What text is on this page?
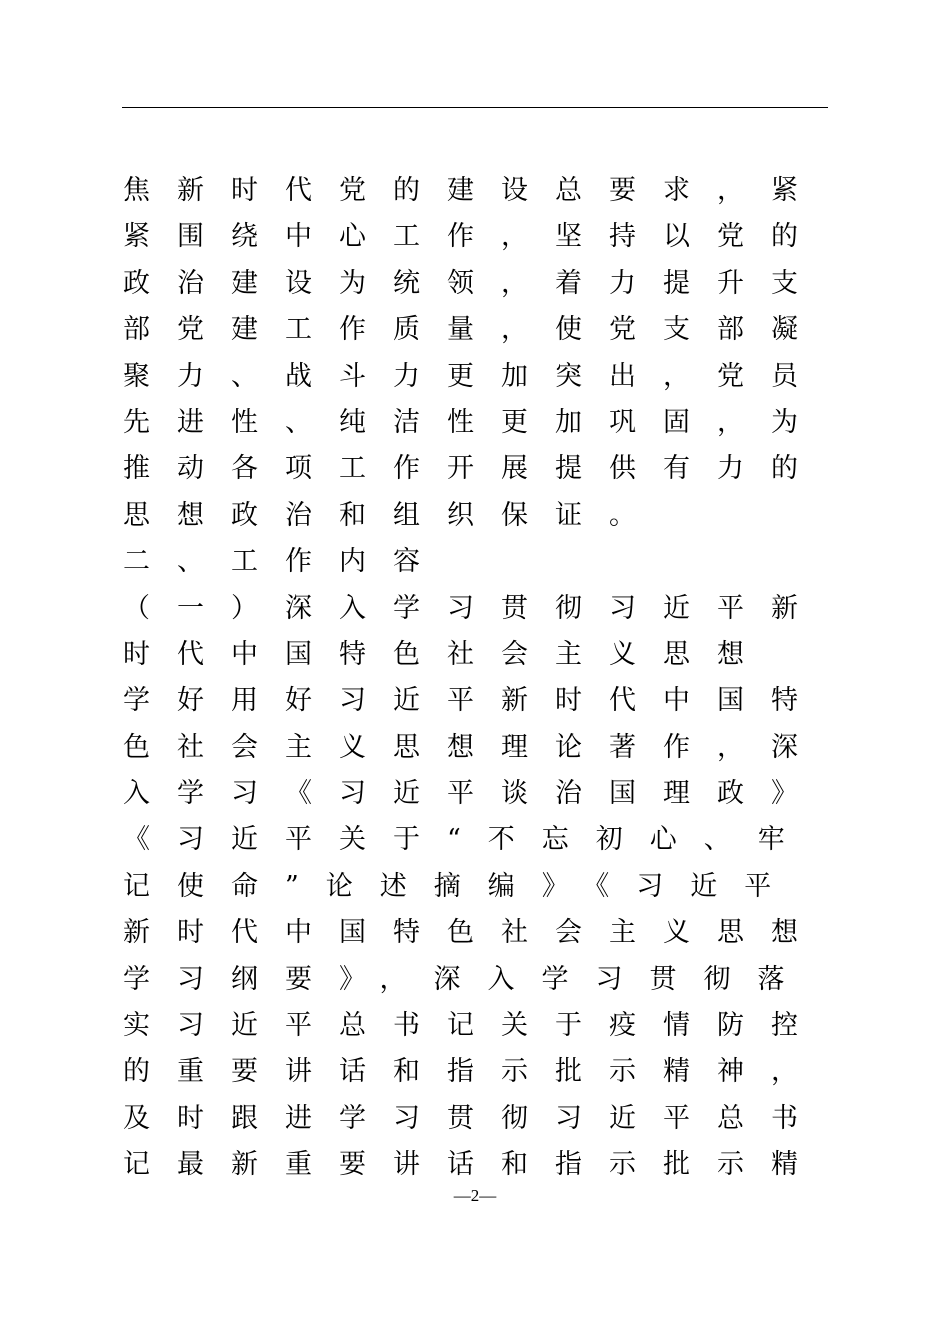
焦新时代党的建设总要求，紧
紧围绕中心工作，坚持以党的
政治建设为统领，着力提升支
部党建工作质量，使党支部凝
聚力、战斗力更加突出，党员
先进性、纯洁性更加巩固，为
推动各项工作开展提供有力的
思想政治和组织保证。
二、工作内容
（一）深入学习贯彻习近平新
时代中国特色社会主义思想
学好用好习近平新时代中国特
色社会主义思想理论著作，深
入学习《习近平谈治国理政》
《习近平关于“不忘初心、牢
记使命”论述摘编》《习近平
新时代中国特色社会主义思想
学习纲要》，深入学习贯彻落
实习近平总书记关于疫情防控
的重要讲话和指示批示精神，
及时跟进学习贯彻习近平总书
记最新重要讲话和指示批示精
—2—
